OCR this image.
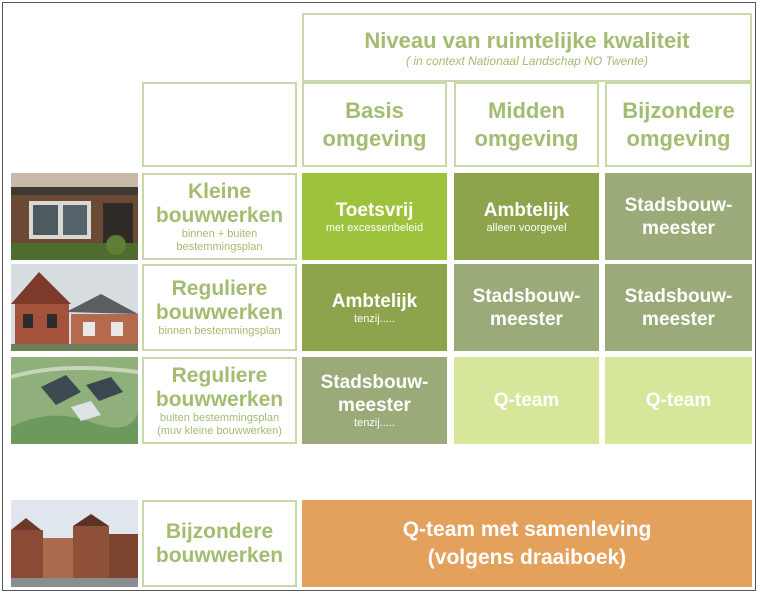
Niveau van ruimtelijke kwaliteit
( in context Nationaal Landschap NO Twente)
Basis
omgeving
Midden
omgeving
Bijzondere
omgeving
Kleine
bouwwerken
binnen + buiten
bestemmingsplan
Reguliere
bouwwerken
binnen bestemmingsplan
Reguliere
bouwwerken
buiten bestemmingsplan
(muv kleine bouwwerken)
Bijzondere
bouwwerken
Toetsvrij
met excessenbeleid
Ambtelijk
alleen voorgevel
Stadsbouw-
meester
Ambtelijk
tenzij.....
Stadsbouw-
meester
Stadsbouw-
meester
Stadsbouw-
meester
tenzij.....
Q-team	Q-team
Q-team met samenleving
(volgens draaiboek)
